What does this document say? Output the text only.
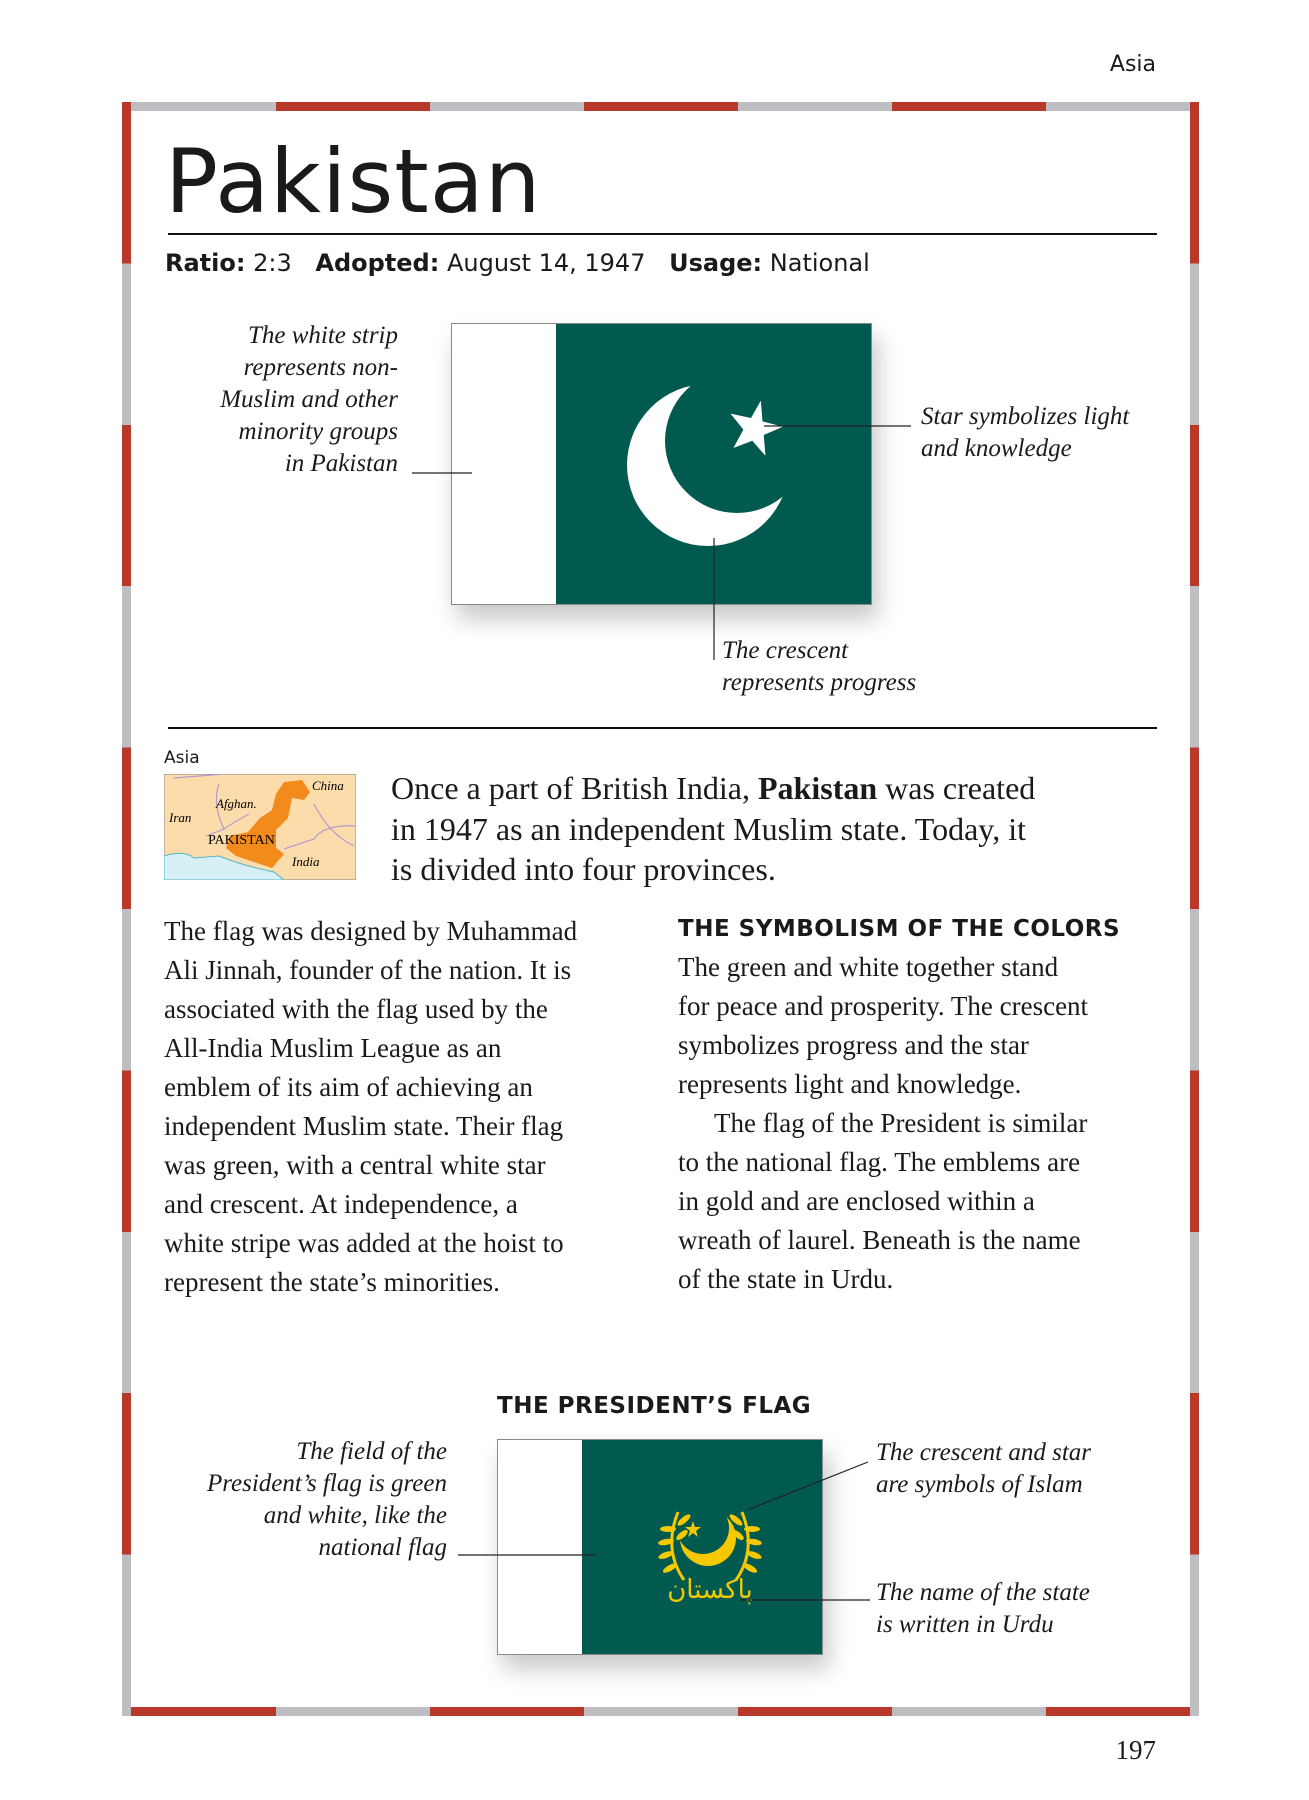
Asia
Pakistan
Ratio: 2:3 Adopted: August 14, 1947 Usage: National
The white strip
represents non-
Muslim and other
minority groups
in Pakistan
Star symbolizes light
and knowledge
The crescent
represents progress
Asia
China
Afghan.
Iran
PAKISTAN
India
Once a part of British India, Pakistan was created
in 1947 as an independent Muslim state. Today, it
is divided into four provinces.
The flag was designed by Muhammad
Ali Jinnah, founder of the nation. It is
associated with the flag used by the
All-India Muslim League as an
emblem of its aim of achieving an
independent Muslim state. Their flag
was green, with a central white star
and crescent. At independence, a
white stripe was added at the hoist to
represent the state’s minorities.
THE SYMBOLISM OF THE COLORS
The green and white together stand
for peace and prosperity. The crescent
symbolizes progress and the star
represents light and knowledge.
The flag of the President is similar
to the national flag. The emblems are
in gold and are enclosed within a
wreath of laurel. Beneath is the name
of the state in Urdu.
THE PRESIDENT’S FLAG
پاکستان
The field of the
President’s flag is green
and white, like the
national flag
The crescent and star
are symbols of Islam
The name of the state
is written in Urdu
197
